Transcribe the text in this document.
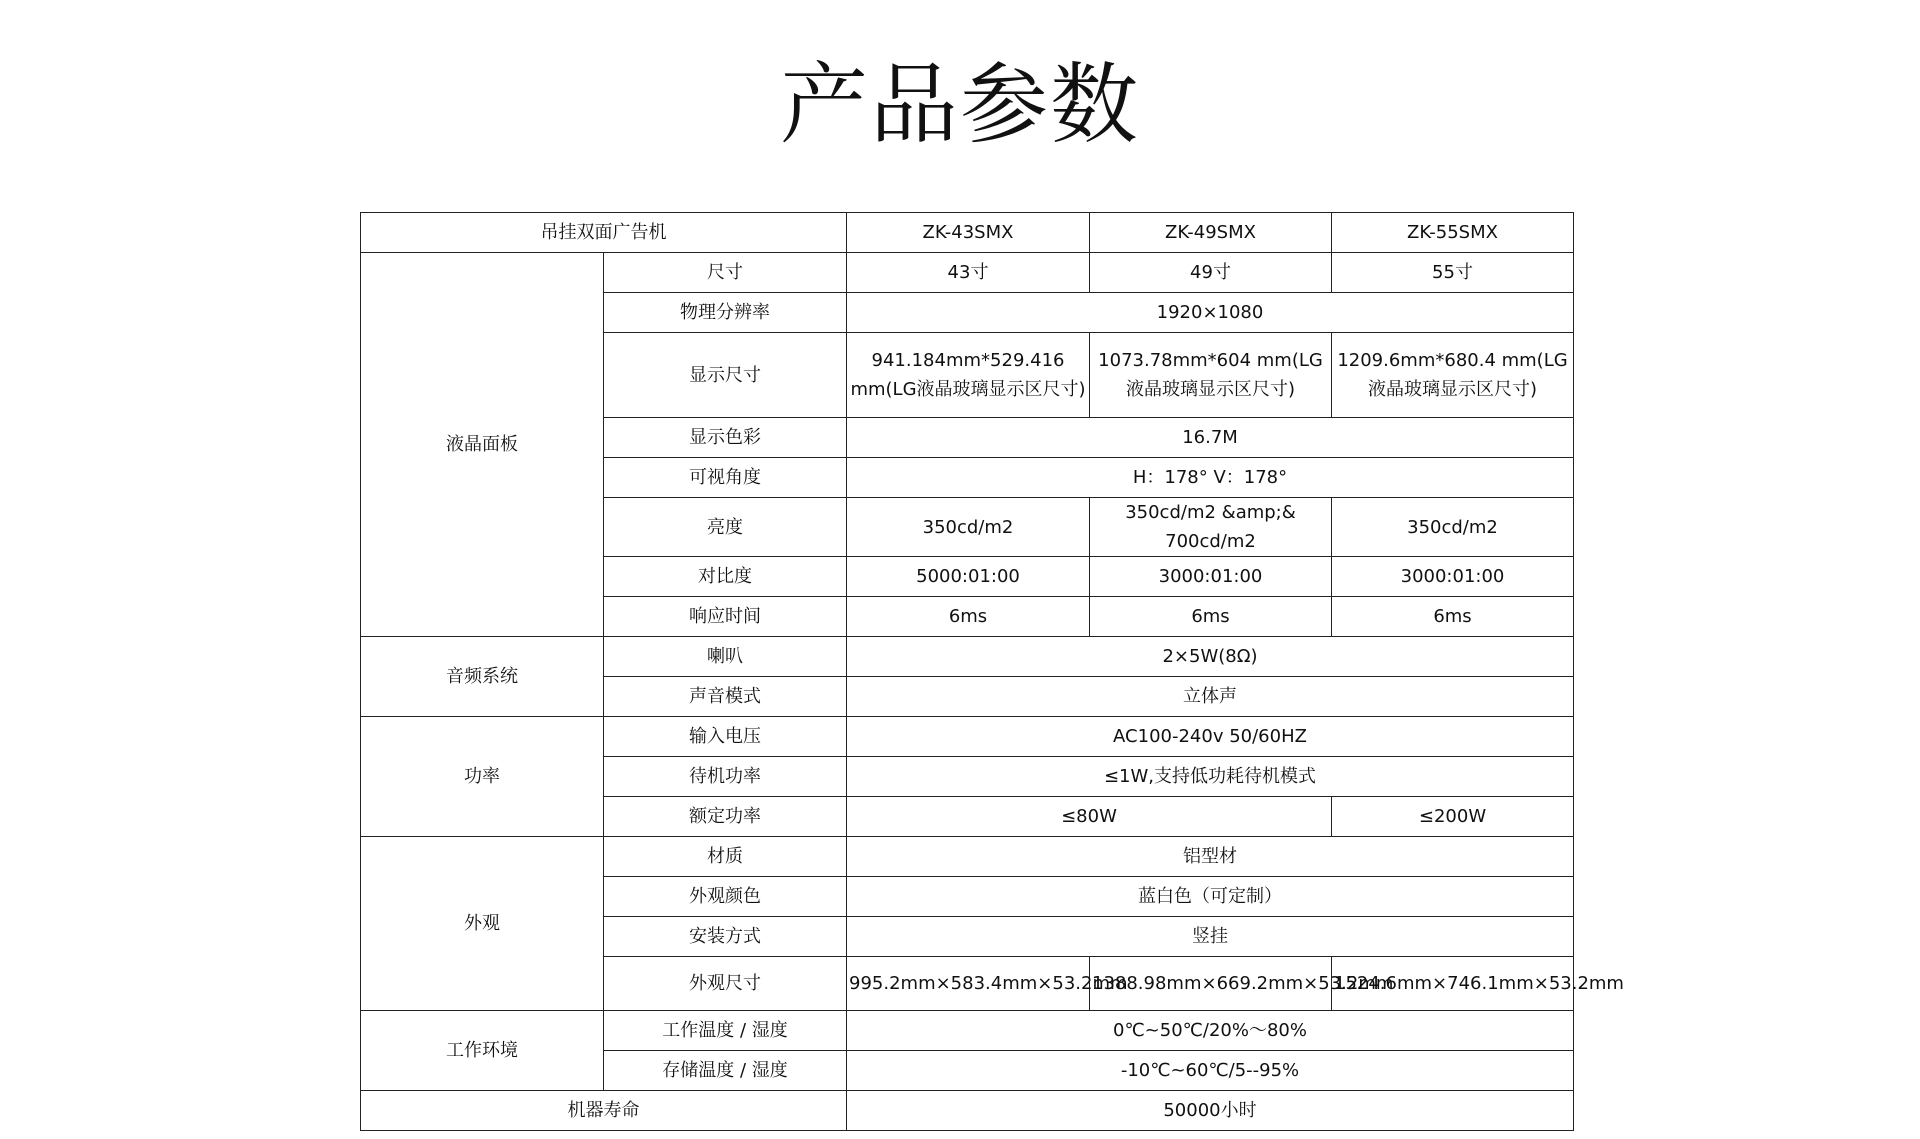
产品参数
吊挂双面广告机		ZK-43SMX	ZK-49SMX	ZK-55SMX
液晶面板	尺寸	43寸	49寸	55寸
	物理分辨率	1920×1080		
	显示尺寸	941.184mm*529.416 mm(LG液晶玻璃显示区尺寸)	1073.78mm*604 mm(LG液晶玻璃显示区尺寸)	1209.6mm*680.4 mm(LG液晶玻璃显示区尺寸)

	显示色彩	16.7M		
	可视角度	H：178° V：178°		
	亮度	350cd/m2	350cd/m2 &amp;& 700cd/m2	350cd/m2
	对比度	5000:01:00	3000:01:00	3000:01:00
	响应时间	6ms	6ms	6ms
音频系统	喇叭	2×5W(8Ω)		
	声音模式	立体声		
功率	输入电压	AC100-240v 50/60HZ		
	待机功率	≤1W,支持低功耗待机模式		
	额定功率	≤80W		≤200W
外观	材质	铝型材		
	外观颜色	蓝白色（可定制）		
	安装方式	竖挂		
	外观尺寸	995.2mm×583.4mm×53.2mm	1388.98mm×669.2mm×53.2mm	1524.6mm×746.1mm×53.2mm

工作环境	工作温度 / 湿度	0℃~50℃/20%～80%		
	存储温度 / 湿度	-10℃~60℃/5--95%		
机器寿命		50000小时		
